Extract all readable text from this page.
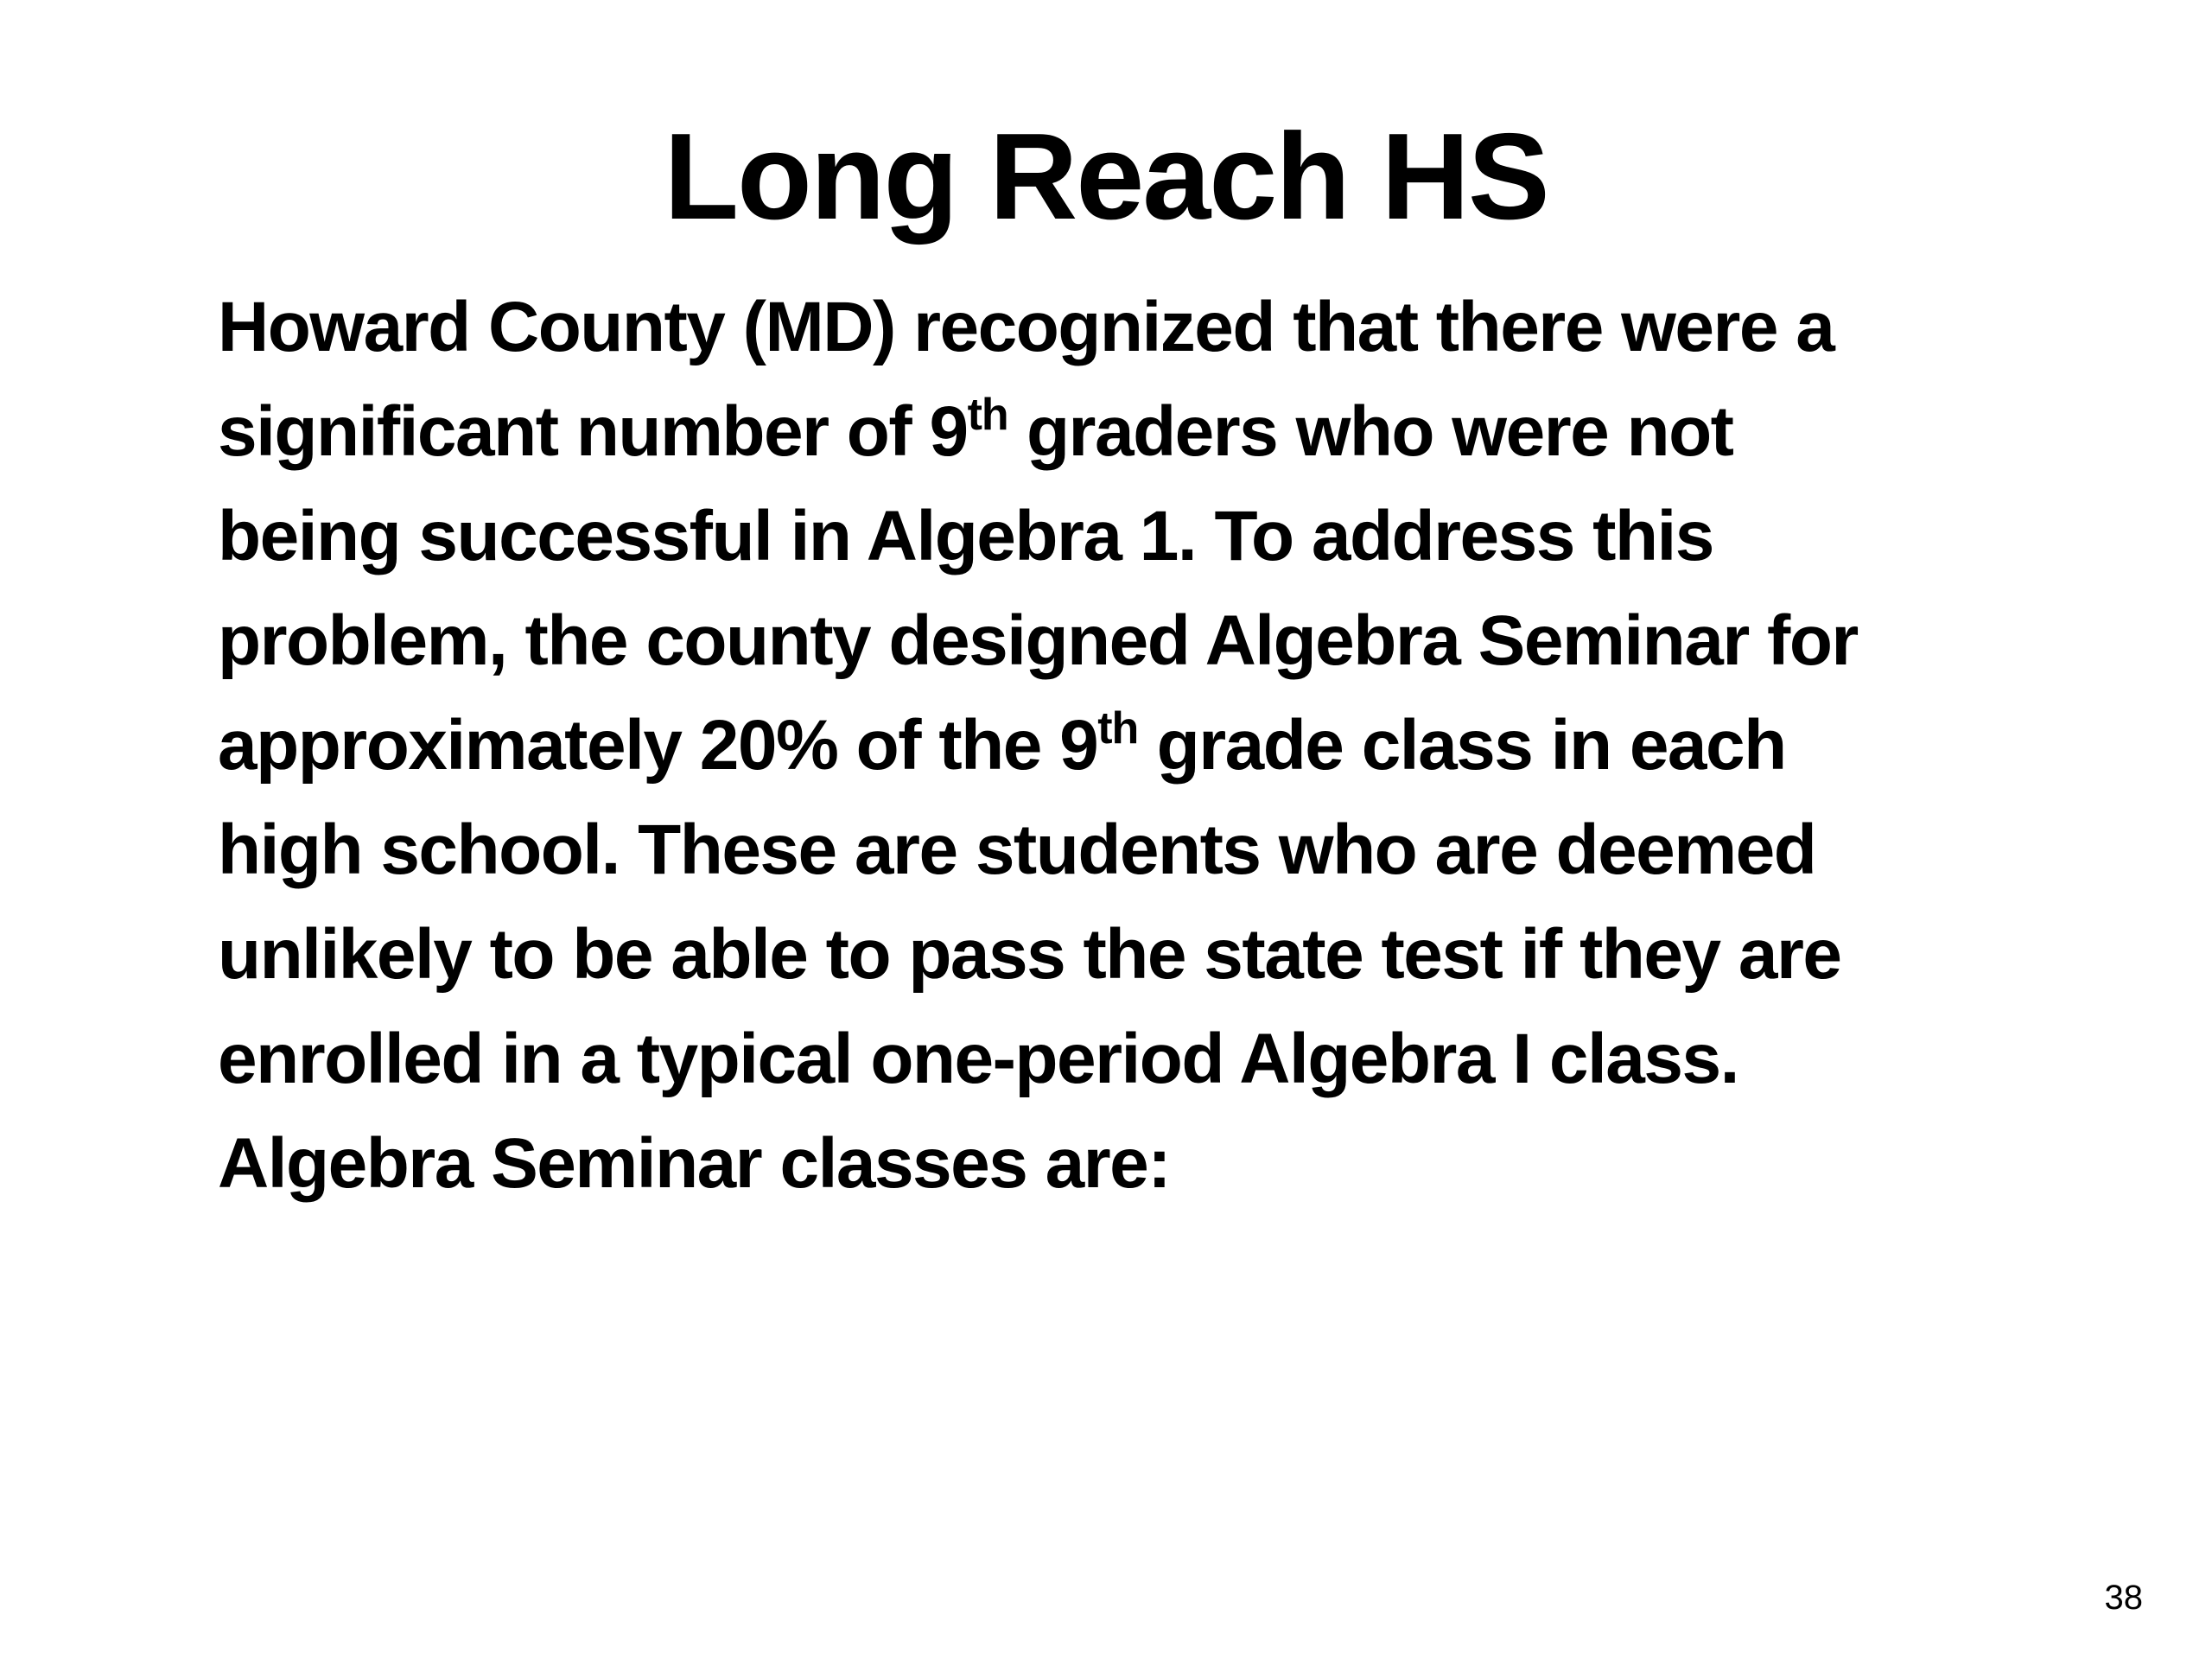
Long Reach HS
Howard County (MD) recognized that there were a
significant number of 9th graders who were not
being successful in Algebra 1. To address this
problem, the county designed Algebra Seminar for
approximately 20% of the 9th grade class in each
high school. These are students who are deemed
unlikely to be able to pass the state test if they are
enrolled in a typical one-period Algebra I class.
Algebra Seminar classes are:
38
